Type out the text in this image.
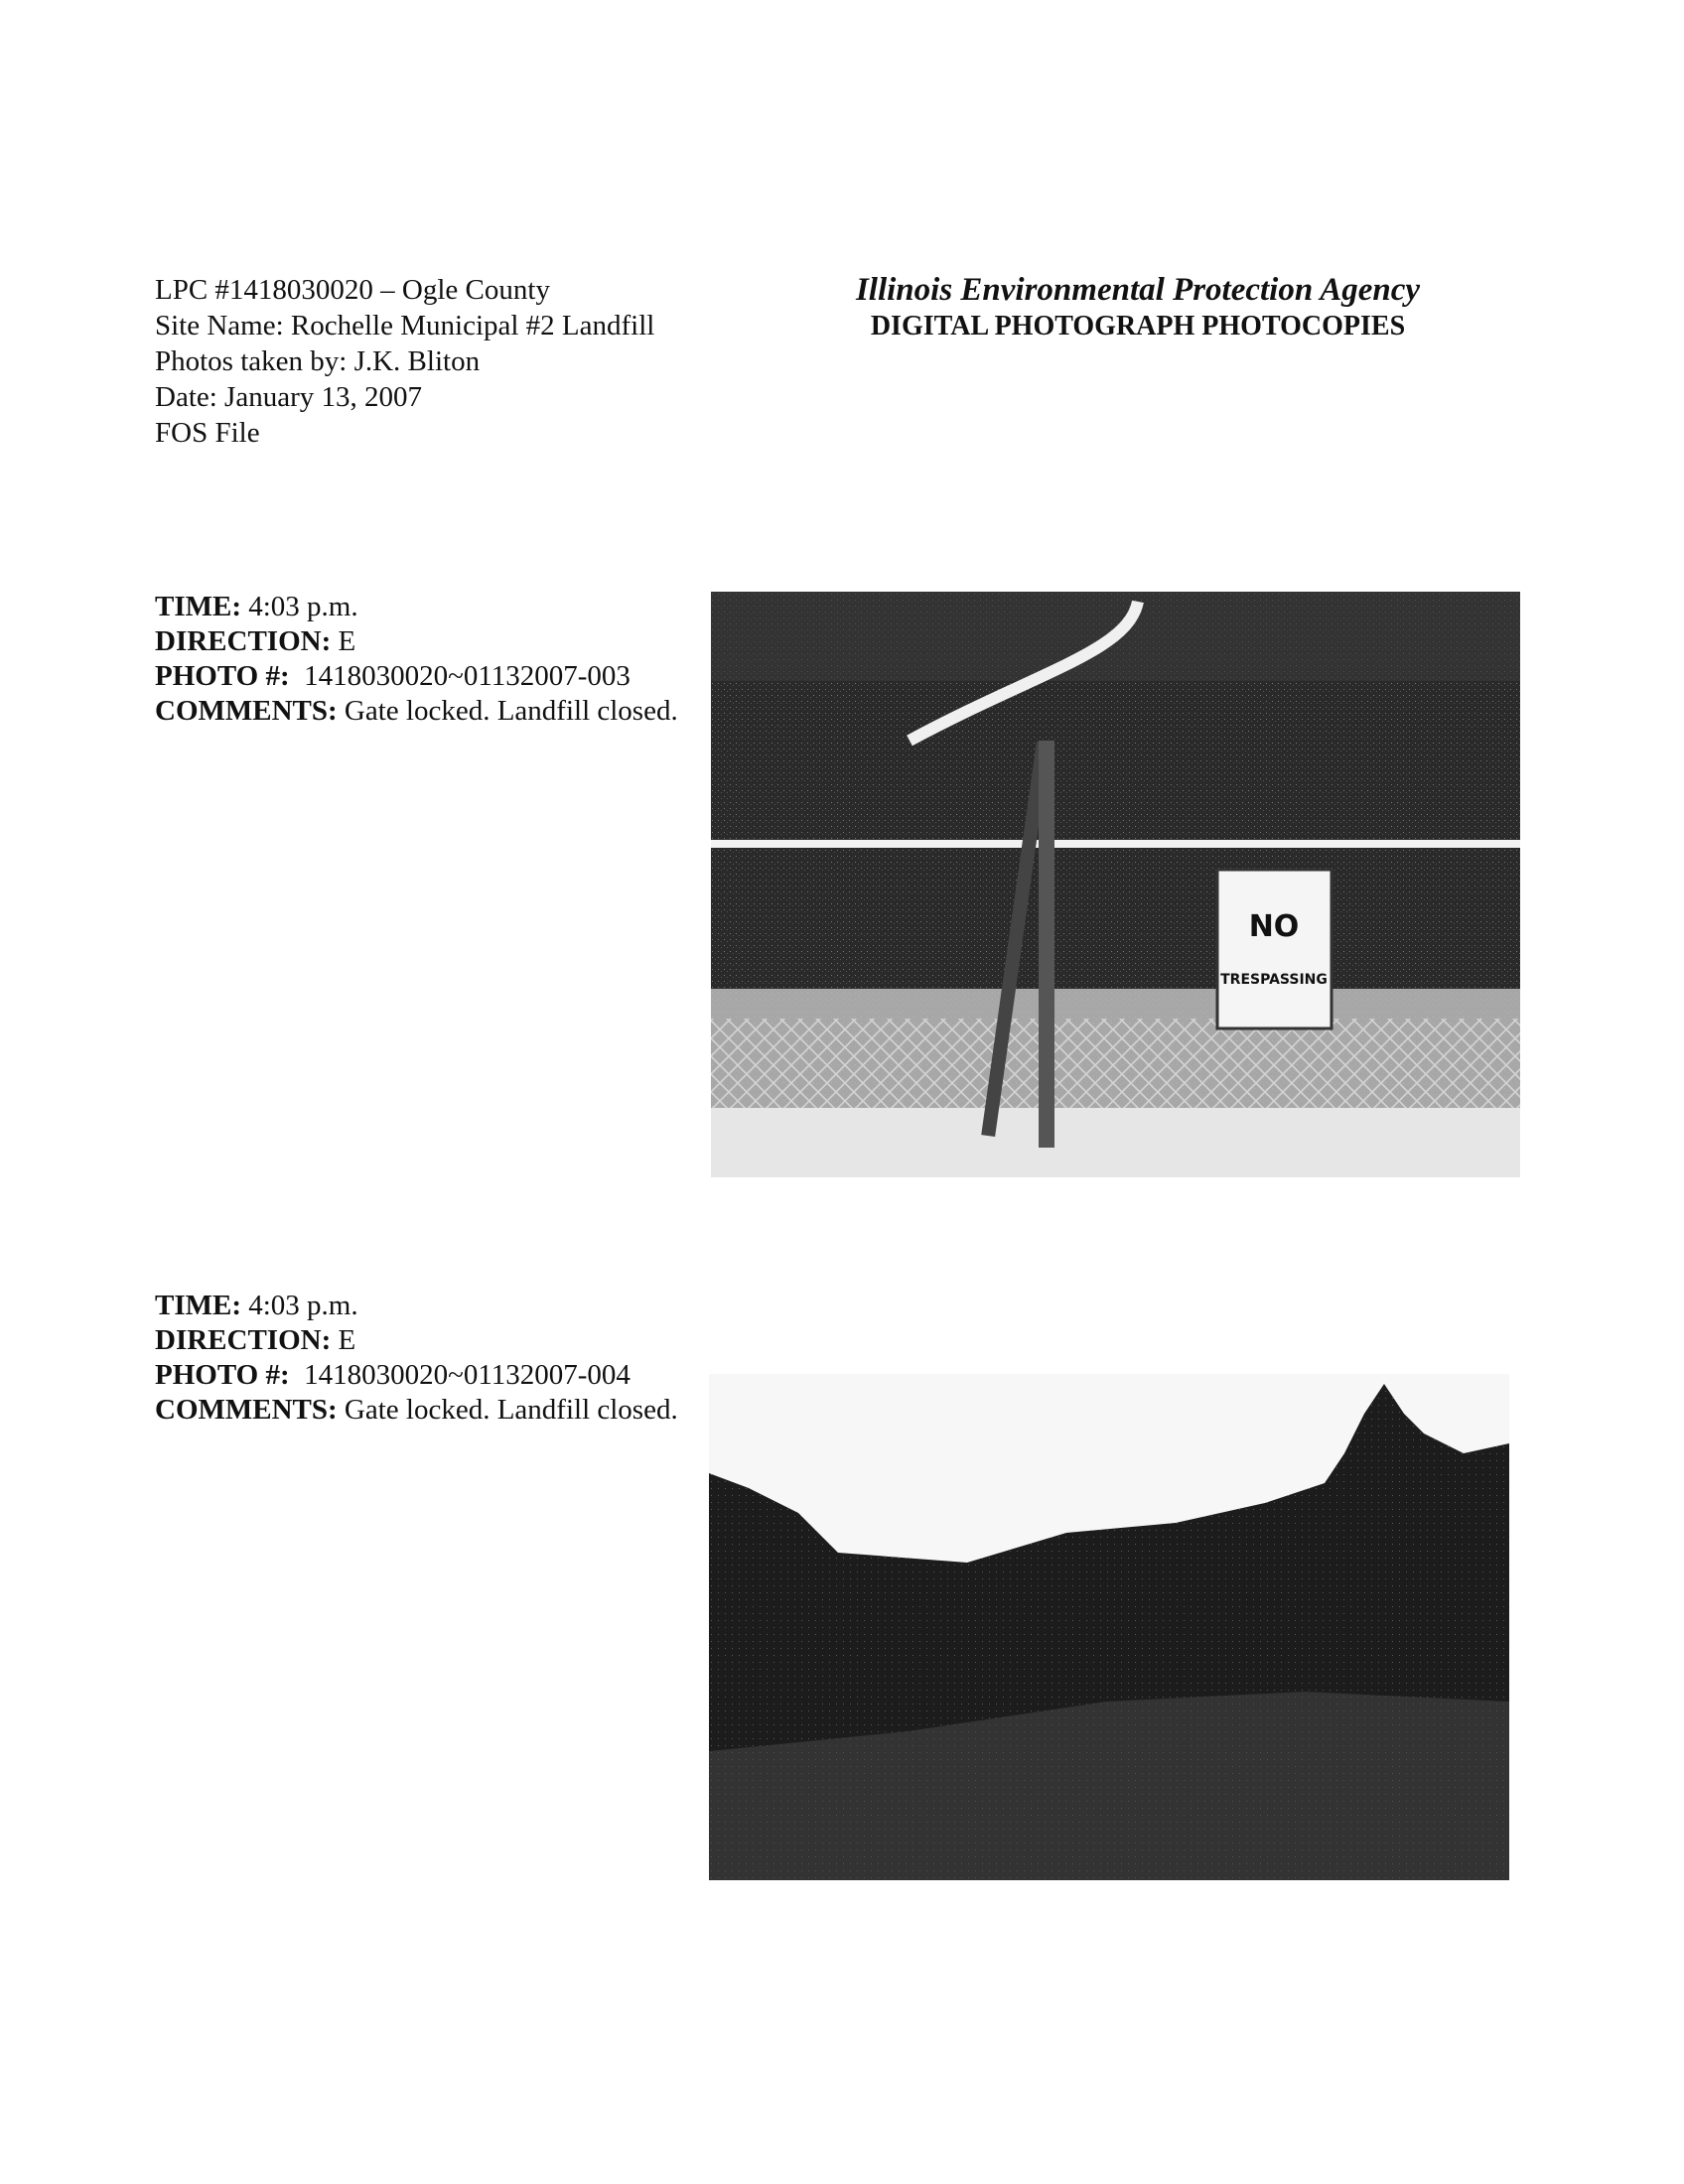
LPC #1418030020 – Ogle County
Site Name: Rochelle Municipal #2 Landfill
Photos taken by: J.K. Bliton
Date: January 13, 2007
FOS File
Illinois Environmental Protection Agency
DIGITAL PHOTOGRAPH PHOTOCOPIES
TIME: 4:03 p.m.
DIRECTION: E
PHOTO #: 1418030020~01132007-003
COMMENTS: Gate locked. Landfill closed.
NO
TRESPASSING
TIME: 4:03 p.m.
DIRECTION: E
PHOTO #: 1418030020~01132007-004
COMMENTS: Gate locked. Landfill closed.
